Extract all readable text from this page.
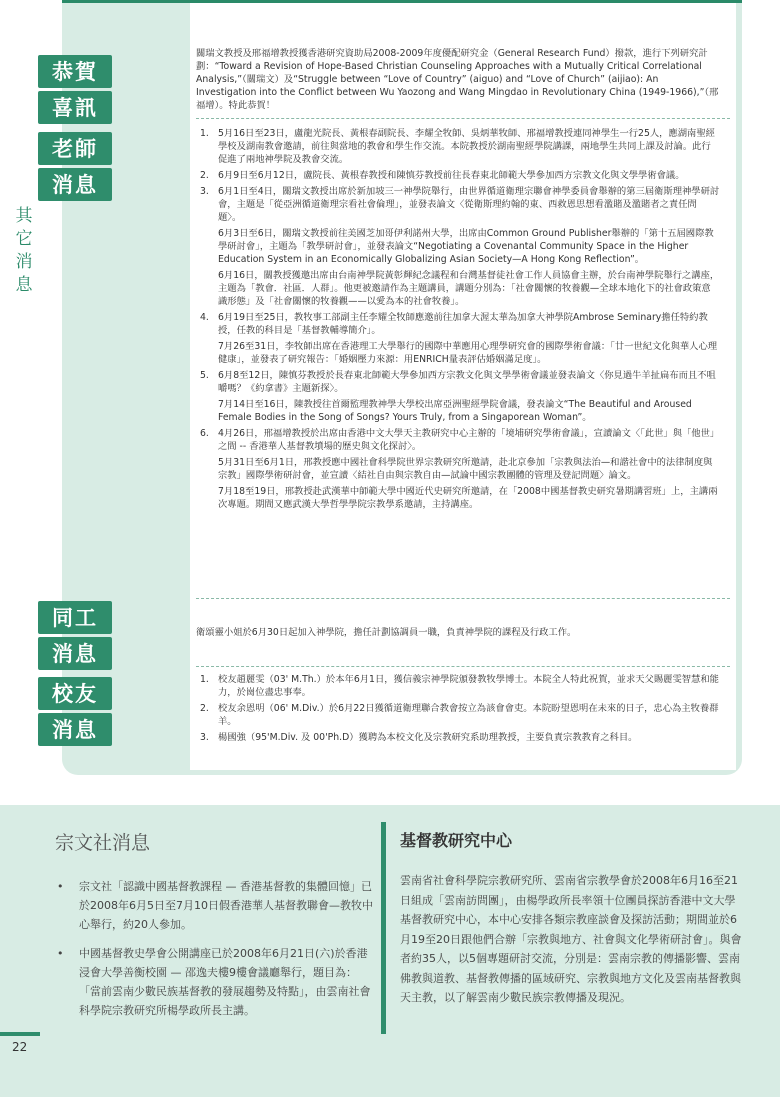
其
它
消
息
恭賀
喜訊

關瑞文教授及邢福增教授獲香港研究資助局2008-2009年度優配研究金（General Research Fund）撥款，進行下列研究計劃：“Toward a Revision of Hope-Based Christian Counseling Approaches with a Mutually Critical Correlational Analysis,”（關瑞文）及“Struggle between “Love of Country” (aiguo) and “Love of Church” (aijiao): An Investigation into the Conflict between Wu Yaozong and Wang Mingdao in Revolutionary China (1949-1966),”（邢福增）。特此恭賀！

老師
消息
1. 5月16日至23日，盧龍光院長、黃根春副院長、李耀全牧師、吳炳華牧師、邢福增教授連同神學生一行25人，應湖南聖經學校及湖南教會邀請，前往與當地的教會和學生作交流。本院教授於湖南聖經學院講課，兩地學生共同上課及討論。此行促進了兩地神學院及教會交流。
2. 6月9日至6月12日，盧院長、黃根春教授和陳慎芬教授前往長春東北師範大學參加西方宗教文化與文學學術會議。
3. 6月1日至4日，關瑞文教授出席於新加坡三一神學院舉行，由世界循道衛理宗聯會神學委員會舉辦的第三屆衛斯理神學研討會，主題是「從亞洲循道衛理宗看社會倫理」，並發表論文〈從衛斯理約翰的東、西救恩思想看濫賭及濫賭者之責任問題〉。
6月3日至6日，關瑞文教授前往美國芝加哥伊利諾州大學，出席由Common Ground Publisher舉辦的「第十五屆國際教學研討會」，主題為「教學研討會」，並發表論文“Negotiating a Covenantal Community Space in the Higher Education System in an Economically Globalizing Asian Society—A Hong Kong Reflection”。
6月16日，關教授獲邀出席由台南神學院黃彰輝紀念議程和台灣基督徒社會工作人員協會主辦，於台南神學院舉行之講座，主題為「教會．社區．人群」。他更被邀請作為主題講員，講題分別為：「社會關懷的牧養觀—全球本地化下的社會政策意識形態」及「社會關懷的牧養觀——以愛為本的社會牧養」。
4. 6月19日至25日，教牧事工部副主任李耀全牧師應邀前往加拿大渥太華為加拿大神學院Ambrose Seminary擔任特約教授，任教的科目是「基督教輔導簡介」。
7月26至31日，李牧師出席在香港理工大學舉行的國際中華應用心理學研究會的國際學術會議：「廿一世紀文化與華人心理健康」，並發表了研究報告：「婚姻壓力來源：用ENRICH量表評估婚姻滿足度」。
5. 6月8至12日，陳慎芬教授於長春東北師範大學參加西方宗教文化與文學學術會議並發表論文〈你見過牛羊扯扁布而且不咀嚼嗎？《約拿書》主題新探〉。
7月14日至16日，陳教授往首爾監理教神學大學校出席亞洲聖經學院會議，發表論文“The Beautiful and Aroused Female Bodies in the Song of Songs? Yours Truly, from a Singaporean Woman”。
6. 4月26日，邢福增教授於出席由香港中文大學天主教研究中心主辦的「境埔研究學術會議」，宣讀論文〈「此世」與「他世」之間 -- 香港華人基督教墳場的歷史與文化探討〉。
5月31日至6月1日，邢教授應中國社會科學院世界宗教研究所邀請，赴北京參加「宗教與法治—和諧社會中的法律制度與宗教」國際學術研討會，並宣讀〈結社自由與宗教自由—試論中國宗教團體的管理及登記問題〉論文。
7月18至19日，邢教授赴武漢華中師範大學中國近代史研究所邀請，在「2008中國基督教史研究暑期講習班」上，主講兩次專題。期間又應武漢大學哲學學院宗教學系邀請，主持講座。
同工
消息

衛頌靈小姐於6月30日起加入神學院，擔任計劃協調員一職，負責神學院的課程及行政工作。

校友
消息
1. 校友趙麗雯（03' M.Th.）於本年6月1日，獲信義宗神學院頒發教牧學博士。本院全人特此祝賀，並求天父賜麗雯智慧和能力，於崗位盡忠事奉。
2. 校友余恩明（06' M.Div.）於6月22日獲循道衛理聯合教會按立為該會會吏。本院盼望恩明在未來的日子，忠心為主牧養群羊。
3. 楊國強（95'M.Div. 及 00'Ph.D）獲聘為本校文化及宗教研究系助理教授，主要負責宗教教育之科目。
宗文社消息
• 宗文社「認識中國基督教課程 — 香港基督教的集體回憶」已於2008年6月5日至7月10日假香港華人基督教聯會—教牧中心舉行，約20人參加。
• 中國基督教史學會公開講座已於2008年6月21日(六)於香港浸會大學善衡校園 — 邵逸夫樓9樓會議廳舉行，題目為：「當前雲南少數民族基督教的發展趨勢及特點」，由雲南社會科學院宗教研究所楊學政所長主講。
基督教研究中心
雲南省社會科學院宗教研究所、雲南省宗教學會於2008年6月16至21日組成「雲南訪問團」，由楊學政所長率領十位團員探訪香港中文大學基督教研究中心，本中心安排各類宗教座談會及探訪活動；期間並於6月19至20日跟他們合辦「宗教與地方、社會與文化學術研討會」。與會者約35人，以5個專題研討交流，分別是：雲南宗教的傳播影響、雲南佛教與道教、基督教傳播的區域研究、宗教與地方文化及雲南基督教與天主教，以了解雲南少數民族宗教傳播及現況。
22
